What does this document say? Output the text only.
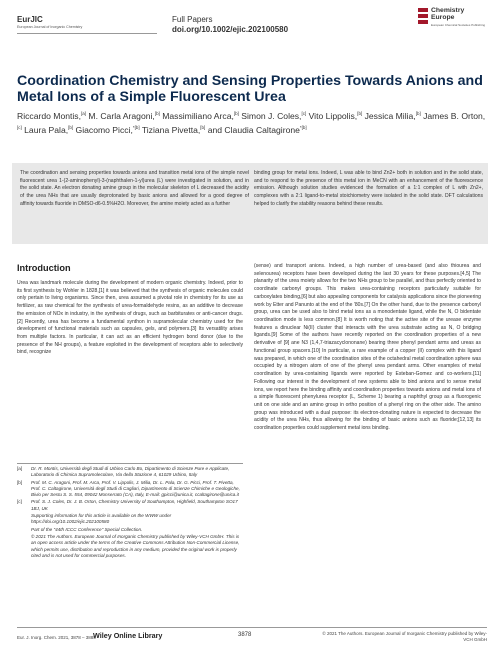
EurJIC
European Journal of Inorganic Chemistry
Full Papers
doi.org/10.1002/ejic.202100580
Chemistry
Europe
European Chemical Societies Publishing
Coordination Chemistry and Sensing Properties Towards Anions and Metal Ions of a Simple Fluorescent Urea
Riccardo Montis,[a] M. Carla Aragoni,[b] Massimiliano Arca,[b] Simon J. Coles,[c] Vito Lippolis,[b] Jessica Milia,[b] James B. Orton,[c] Laura Pala,[b] Giacomo Picci,$^{*[b]}$ Tiziana Pivetta,[b] and Claudia Caltagirone$^{*[b]}$
The coordination and sensing properties towards anions and transition metal ions of the simple novel fluorescent urea 1-(2-aminophenyl)-3-(naphthalen-1-yl)urea (L) were investigated in solution, and in the solid state. An electron donating amine group in the molecular skeleton of L decreased the acidity of the urea NHs that are usually deprotonated by basic anions and allowed for a good degree of affinity towards fluoride in DMSO-d6-0.5%H2O. Moreover, the amine moiety acted as a further
binding group for metal ions. Indeed, L was able to bind Zn2+ both in solution and in the solid state, and to respond to the presence of this metal ion in MeCN with an enhancement of the fluorescence emission. Although solution studies evidenced the formation of a 1:1 complex of L with Zn2+, complexes with a 2:1 ligand-to-metal stoichiometry were isolated in the solid state. DFT calculations helped to clarify the stability reasons behind these results.
Introduction
Urea was landmark molecule during the development of modern organic chemistry. Indeed, prior to its first synthesis by Wohler in 1828,[1] it was believed that the synthesis of organic molecules could only pertain to living organisms. Since then, urea assumed a pivotal role in chemistry for its use as fertilizer, as raw chemical for the synthesis of urea-formaldehyde resins, as an additive to decrease the emission of NOx in industry, in the synthesis of drugs, such as barbiturates or anti-cancer drugs.[2] Recently, urea has become a fundamental synthon in supramolecular chemistry used for the development of functional materials such as capsules, gels, and polymers.[3] Its versatility arises from multiple factors. In particular, it can act as an efficient hydrogen bond donor (due to the presence of the NH groups), a feature exploited in the development of receptors able to selectively bind, recognize
(sense) and transport anions. Indeed, a high number of urea-based (and also thiourea and selenourea) receptors have been developed during the last 30 years for these purposes.[4,5] The planarity of the urea moiety allows for the two NHs group to be parallel, and thus perfectly oriented to coordinate carbonyl groups. This makes urea-containing receptors particularly suitable for carboxylates binding,[6] but also appealing components for catalysis applications since the pioneering work by Etter and Panunto at the end of the '80s.[7] On the other hand, due to the presence carbonyl group, urea can be used also to bind metal ions as a monodentate ligand, while the N, O bidentate coordination mode is less common.[8] It is worth noting that the active site of the urease enzyme features a dinuclear Ni(II) cluster that interacts with the urea substrate acting as N, O bridging ligands.[9] Some of the authors have recently reported on the coordination properties of a new derivative of [9] ane N3 (1,4,7-triazacyclononane) bearing three phenyl pendant arms and ureas as functional group spacers.[10] In particular, a rare example of a copper (II) complex with this ligand was prepared, in which one of the coordination sites of the octahedral metal coordination sphere was occupied by a nitrogen atom of one of the phenyl urea pendant arms. Other examples of metal coordination by urea-containing ligands were reported by Esteban-Gomez and co-workers.[11] Following our interest in the development of new systems able to bind anions and to sense metal ions, we report here the binding affinity and coordination properties towards anions and metal ions of a simple fluorescent phenylurea receptor (L, Scheme 1) bearing a naphthyl group as a fluorogenic unit on one side and an amino group in ortho position of a phenyl ring on the other side. The amino group was introduced with a dual purpose: its electron-donating nature is expected to decrease the acidity of the urea NHs, thus allowing for the binding of basic anions such as fluoride;[12,13] its coordination properties could supplement metal ions binding.
[a]	Dr. R. Montis, Università degli Studi di Urbino Carlo Bo, Dipartimento di Scienze Pure e Applicate, Laboratorio di Chimica Supramolecolare, Via della Stazione 4, 61029 Urbino, Italy
[b]	Prof. M. C. Aragoni, Prof. M. Arca, Prof. V. Lippolis, J. Milia, Dr. L. Pala, Dr. G. Picci, Prof. T. Pivetta, Prof. C. Caltagirone, Università degli Studi di Cagliari, Dipartimento di Scienze Chimiche e Geologiche, Bivio per Sestu S. S. 554, 09042 Monserrato (CA), Italy, E-mail: gpicci@unica.it, ccaltagirone@unica.it
[c]	Prof. S. J. Coles, Dr. J. B. Orton, Chemistry University of Southampton, Highfield, Southampton SO17 1BJ, UK
Supporting information for this article is available on the WWW under https://doi.org/10.1002/ejic.202100580
Part of the "44th ICCC Conference" Special Collection.
© 2021 The Authors. European Journal of Inorganic Chemistry published by Wiley-VCH GmbH. This is an open access article under the terms of the Creative Commons Attribution Non-Commercial License, which permits use, distribution and reproduction in any medium, provided the original work is properly cited and is not used for commercial purposes.
Eur. J. Inorg. Chem. 2021, 3878 – 3885
Wiley Online Library	3878	© 2021 The Authors. European Journal of Inorganic Chemistry published by Wiley-VCH GmbH
